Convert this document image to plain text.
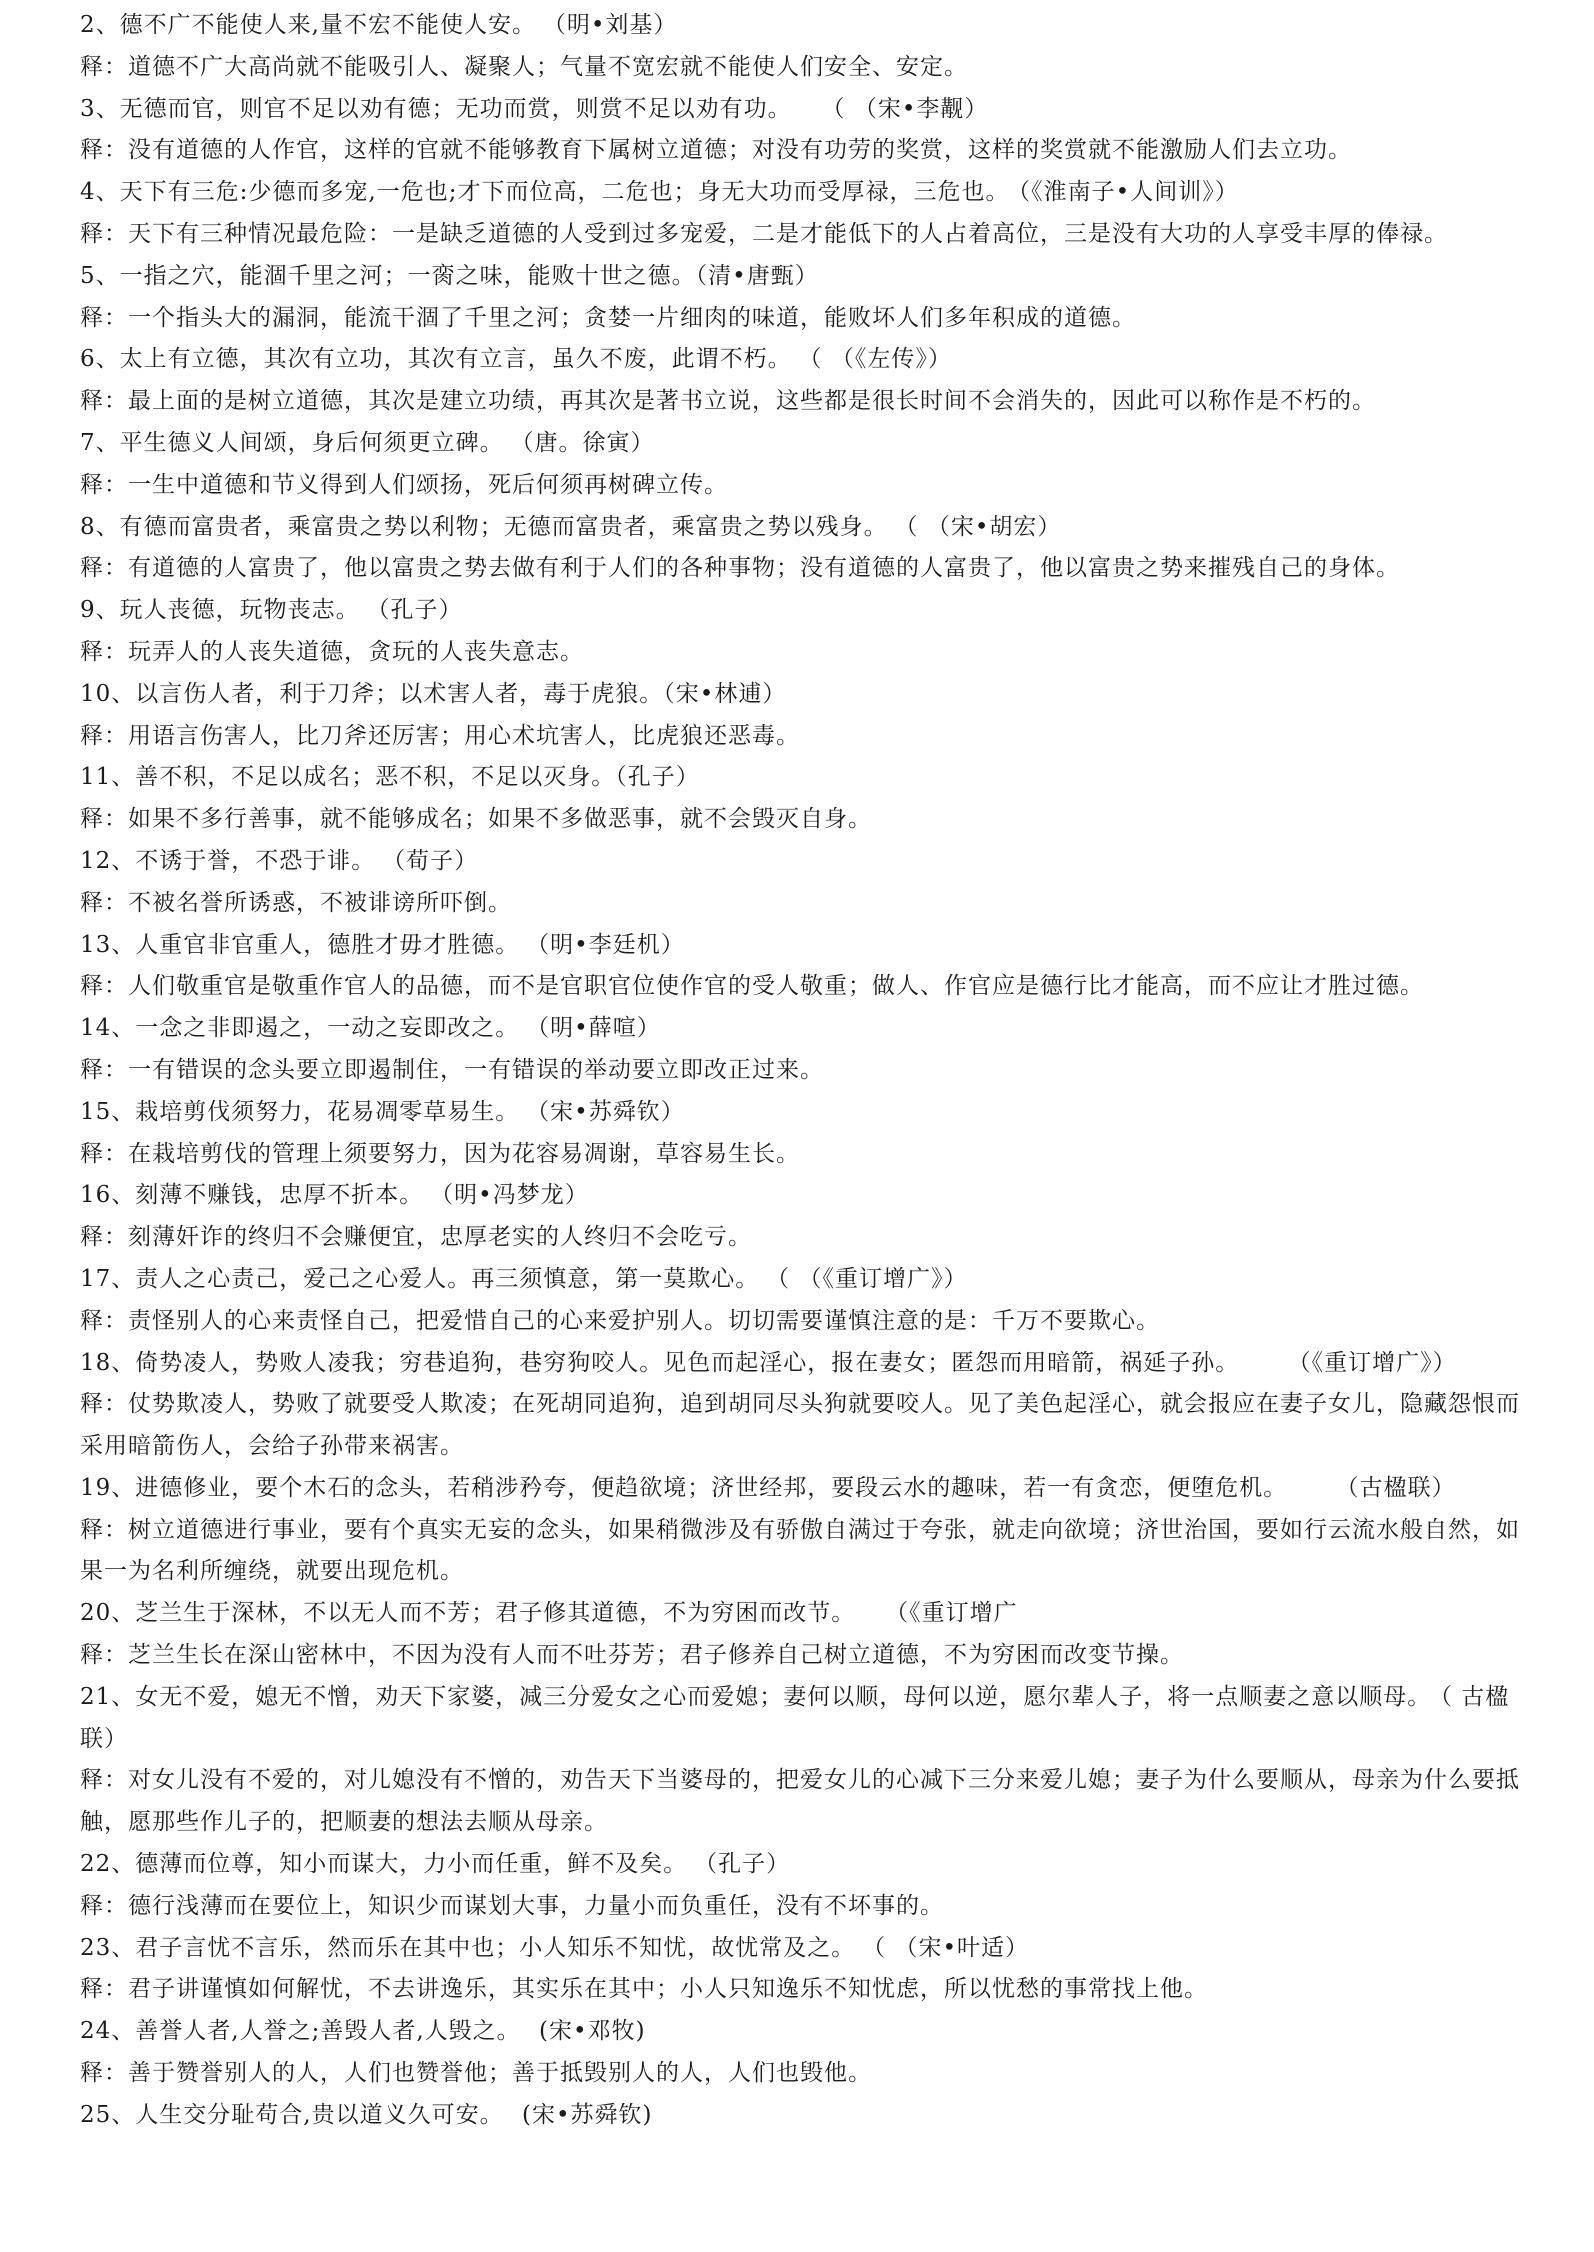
2、德不广不能使人来,量不宏不能使人安。 （明•刘基）
释：道德不广大高尚就不能吸引人、凝聚人；气量不宽宏就不能使人们安全、安定。
3、无德而官，则官不足以劝有德；无功而赏，则赏不足以劝有功。 （ （宋•李觏）
释：没有道德的人作官，这样的官就不能够教育下属树立道德；对没有功劳的奖赏，这样的奖赏就不能激励人们去立功。
4、天下有三危:少德而多宠,一危也;才下而位高，二危也；身无大功而受厚禄，三危也。 （《淮南子•人间训》）
释：天下有三种情况最危险：一是缺乏道德的人受到过多宠爱，二是才能低下的人占着高位，三是没有大功的人享受丰厚的俸禄。
5、一指之穴，能涸千里之河；一脔之味，能败十世之德。（清•唐甄）
释：一个指头大的漏洞，能流干涸了千里之河；贪婪一片细肉的味道，能败坏人们多年积成的道德。
6、太上有立德，其次有立功，其次有立言，虽久不废，此谓不朽。 （ （《左传》）
释：最上面的是树立道德，其次是建立功绩，再其次是著书立说，这些都是很长时间不会消失的，因此可以称作是不朽的。
7、平生德义人间颂，身后何须更立碑。 （唐。徐寅）
释：一生中道德和节义得到人们颂扬，死后何须再树碑立传。
8、有德而富贵者，乘富贵之势以利物；无德而富贵者，乘富贵之势以残身。 （ （宋•胡宏）
释：有道德的人富贵了，他以富贵之势去做有利于人们的各种事物；没有道德的人富贵了，他以富贵之势来摧残自己的身体。
9、玩人丧德，玩物丧志。 （孔子）
释：玩弄人的人丧失道德，贪玩的人丧失意志。
10、以言伤人者，利于刀斧；以术害人者，毒于虎狼。（宋•林逋）
释：用语言伤害人，比刀斧还厉害；用心术坑害人，比虎狼还恶毒。
11、善不积，不足以成名；恶不积，不足以灭身。（孔子）
释：如果不多行善事，就不能够成名；如果不多做恶事，就不会毁灭自身。
12、不诱于誉，不恐于诽。 （荀子）
释：不被名誉所诱惑，不被诽谤所吓倒。
13、人重官非官重人，德胜才毋才胜德。 （明•李廷机）
释：人们敬重官是敬重作官人的品德，而不是官职官位使作官的受人敬重；做人、作官应是德行比才能高，而不应让才胜过德。
14、一念之非即遏之，一动之妄即改之。 （明•薛喧）
释：一有错误的念头要立即遏制住，一有错误的举动要立即改正过来。
15、栽培剪伐须努力，花易凋零草易生。 （宋•苏舜钦）
释：在栽培剪伐的管理上须要努力，因为花容易凋谢，草容易生长。
16、刻薄不赚钱，忠厚不折本。 （明•冯梦龙）
释：刻薄奸诈的终归不会赚便宜，忠厚老实的人终归不会吃亏。
17、责人之心责己，爱己之心爱人。再三须慎意，第一莫欺心。 （ （《重订增广》）
释：责怪别人的心来责怪自己，把爱惜自己的心来爱护别人。切切需要谨慎注意的是：千万不要欺心。
18、倚势凌人，势败人凌我；穷巷追狗，巷穷狗咬人。见色而起淫心，报在妻女；匿怨而用暗箭，祸延子孙。	（《重订增广》）
释：仗势欺凌人，势败了就要受人欺凌；在死胡同追狗，追到胡同尽头狗就要咬人。见了美色起淫心，就会报应在妻子女儿，隐藏怨恨而
采用暗箭伤人，会给子孙带来祸害。
19、进德修业，要个木石的念头，若稍涉矜夸，便趋欲境；济世经邦，要段云水的趣味，若一有贪恋，便堕危机。	（古楹联）
释：树立道德进行事业，要有个真实无妄的念头，如果稍微涉及有骄傲自满过于夸张，就走向欲境；济世治国，要如行云流水般自然，如
果一为名利所缠绕，就要出现危机。
20、芝兰生于深林，不以无人而不芳；君子修其道德，不为穷困而改节。 （《重订增广
释：芝兰生长在深山密林中，不因为没有人而不吐芬芳；君子修养自己树立道德，不为穷困而改变节操。
21、女无不爱，媳无不憎，劝天下家婆，减三分爱女之心而爱媳；妻何以顺，母何以逆，愿尔辈人子，将一点顺妻之意以顺母。 （ 古楹
联）
释：对女儿没有不爱的，对儿媳没有不憎的，劝告天下当婆母的，把爱女儿的心减下三分来爱儿媳；妻子为什么要顺从，母亲为什么要抵
触，愿那些作儿子的，把顺妻的想法去顺从母亲。
22、德薄而位尊，知小而谋大，力小而任重，鲜不及矣。 （孔子）
释：德行浅薄而在要位上，知识少而谋划大事，力量小而负重任，没有不坏事的。
23、君子言忧不言乐，然而乐在其中也；小人知乐不知忧，故忧常及之。 （ （宋•叶适）
释：君子讲谨慎如何解忧，不去讲逸乐，其实乐在其中；小人只知逸乐不知忧虑，所以忧愁的事常找上他。
24、善誉人者,人誉之;善毁人者,人毁之。 (宋•邓牧)
释：善于赞誉别人的人，人们也赞誉他；善于抵毁别人的人，人们也毁他。
25、人生交分耻苟合,贵以道义久可安。 (宋•苏舜钦)
